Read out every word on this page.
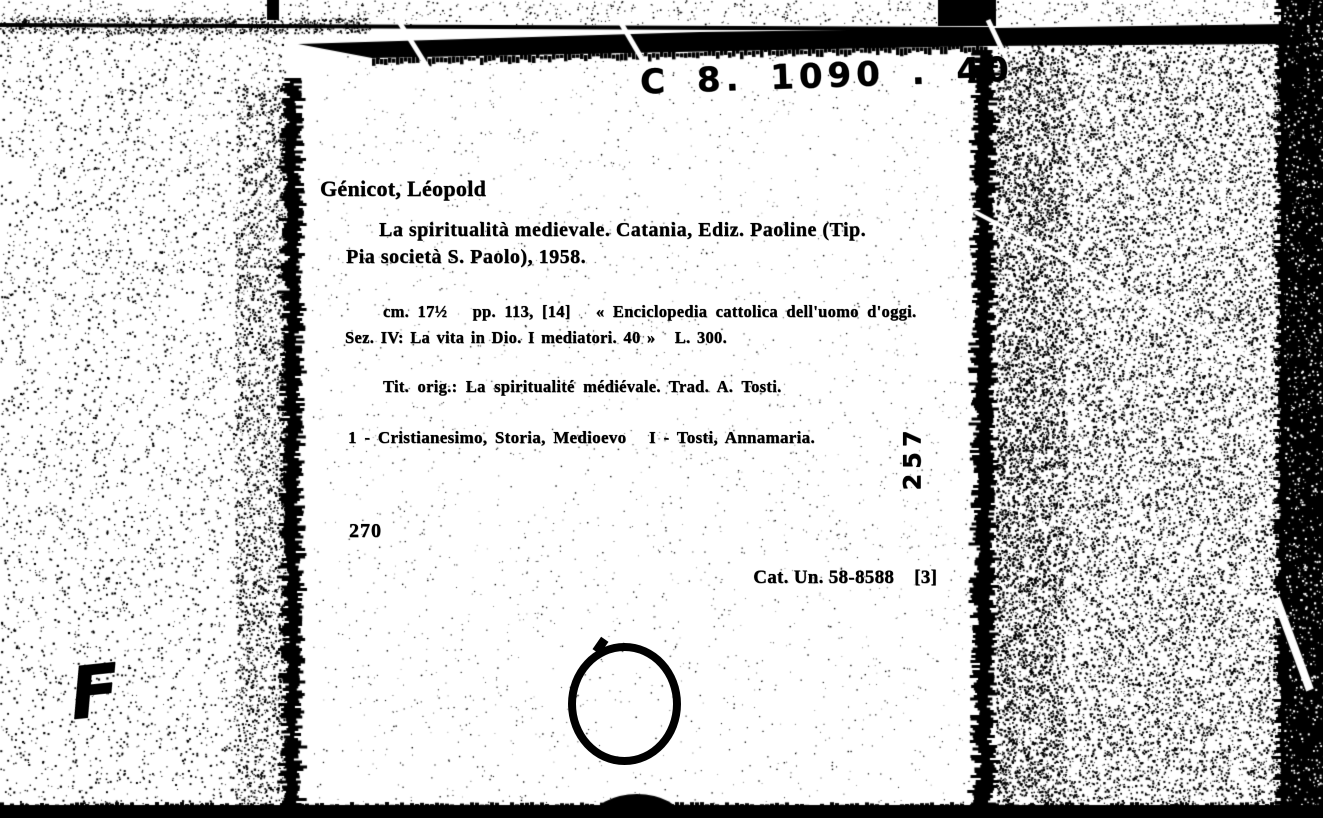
C 8. 1090 . 40
Génicot, Léopold
La spiritualità medievale. Catania, Ediz. Paoline (Tip.
Pia società S. Paolo), 1958.
cm. 17½   pp. 113, [14]   « Enciclopedia cattolica dell'uomo d'oggi.
Sez. IV: La vita in Dio. I mediatori. 40 »   L. 300.
Tit. orig.: La spiritualité médiévale. Trad. A. Tosti.
1 - Cristianesimo, Storia, Medioevo   I - Tosti, Annamaria.	257
270

Cat. Un. 58-8588 [3]

F
